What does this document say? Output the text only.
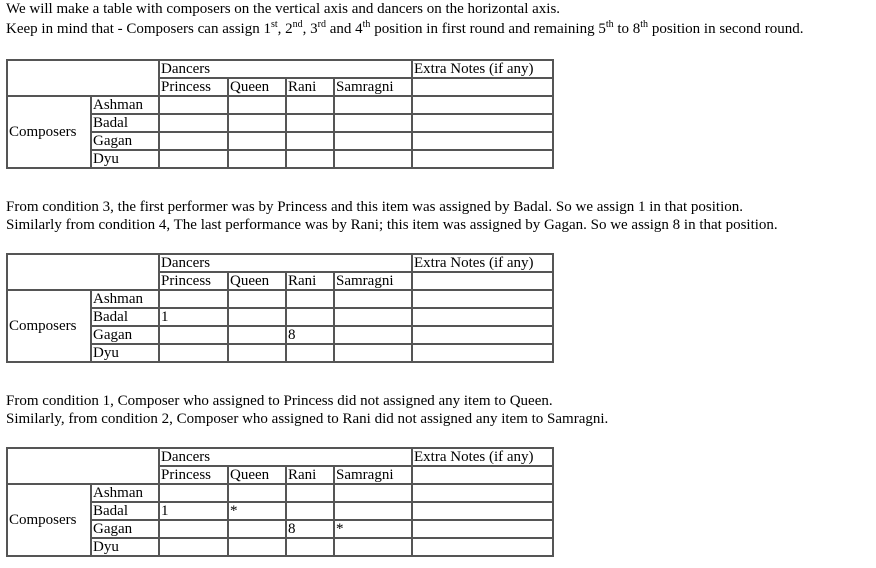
We will make a table with composers on the vertical axis and dancers on the horizontal axis.
Keep in mind that - Composers can assign 1st, 2nd, 3rd and 4th position in first round and remaining 5th to 8th position in second round.
		Dancers				Extra Notes (if any)
		Princess	Queen	Rani	Samragni	
Composers	Ashman					
	Badal					
	Gagan					
	Dyu					
From condition 3, the first performer was by Princess and this item was assigned by Badal. So we assign 1 in that position.
Similarly from condition 4, The last performance was by Rani; this item was assigned by Gagan. So we assign 8 in that position.
		Dancers				Extra Notes (if any)
		Princess	Queen	Rani	Samragni	
Composers	Ashman					
	Badal	1				
	Gagan			8		
	Dyu					
From condition 1, Composer who assigned to Princess did not assigned any item to Queen.
Similarly, from condition 2, Composer who assigned to Rani did not assigned any item to Samragni.
		Dancers				Extra Notes (if any)
		Princess	Queen	Rani	Samragni	
Composers	Ashman					
	Badal	1	*			
	Gagan			8	*	
	Dyu					
